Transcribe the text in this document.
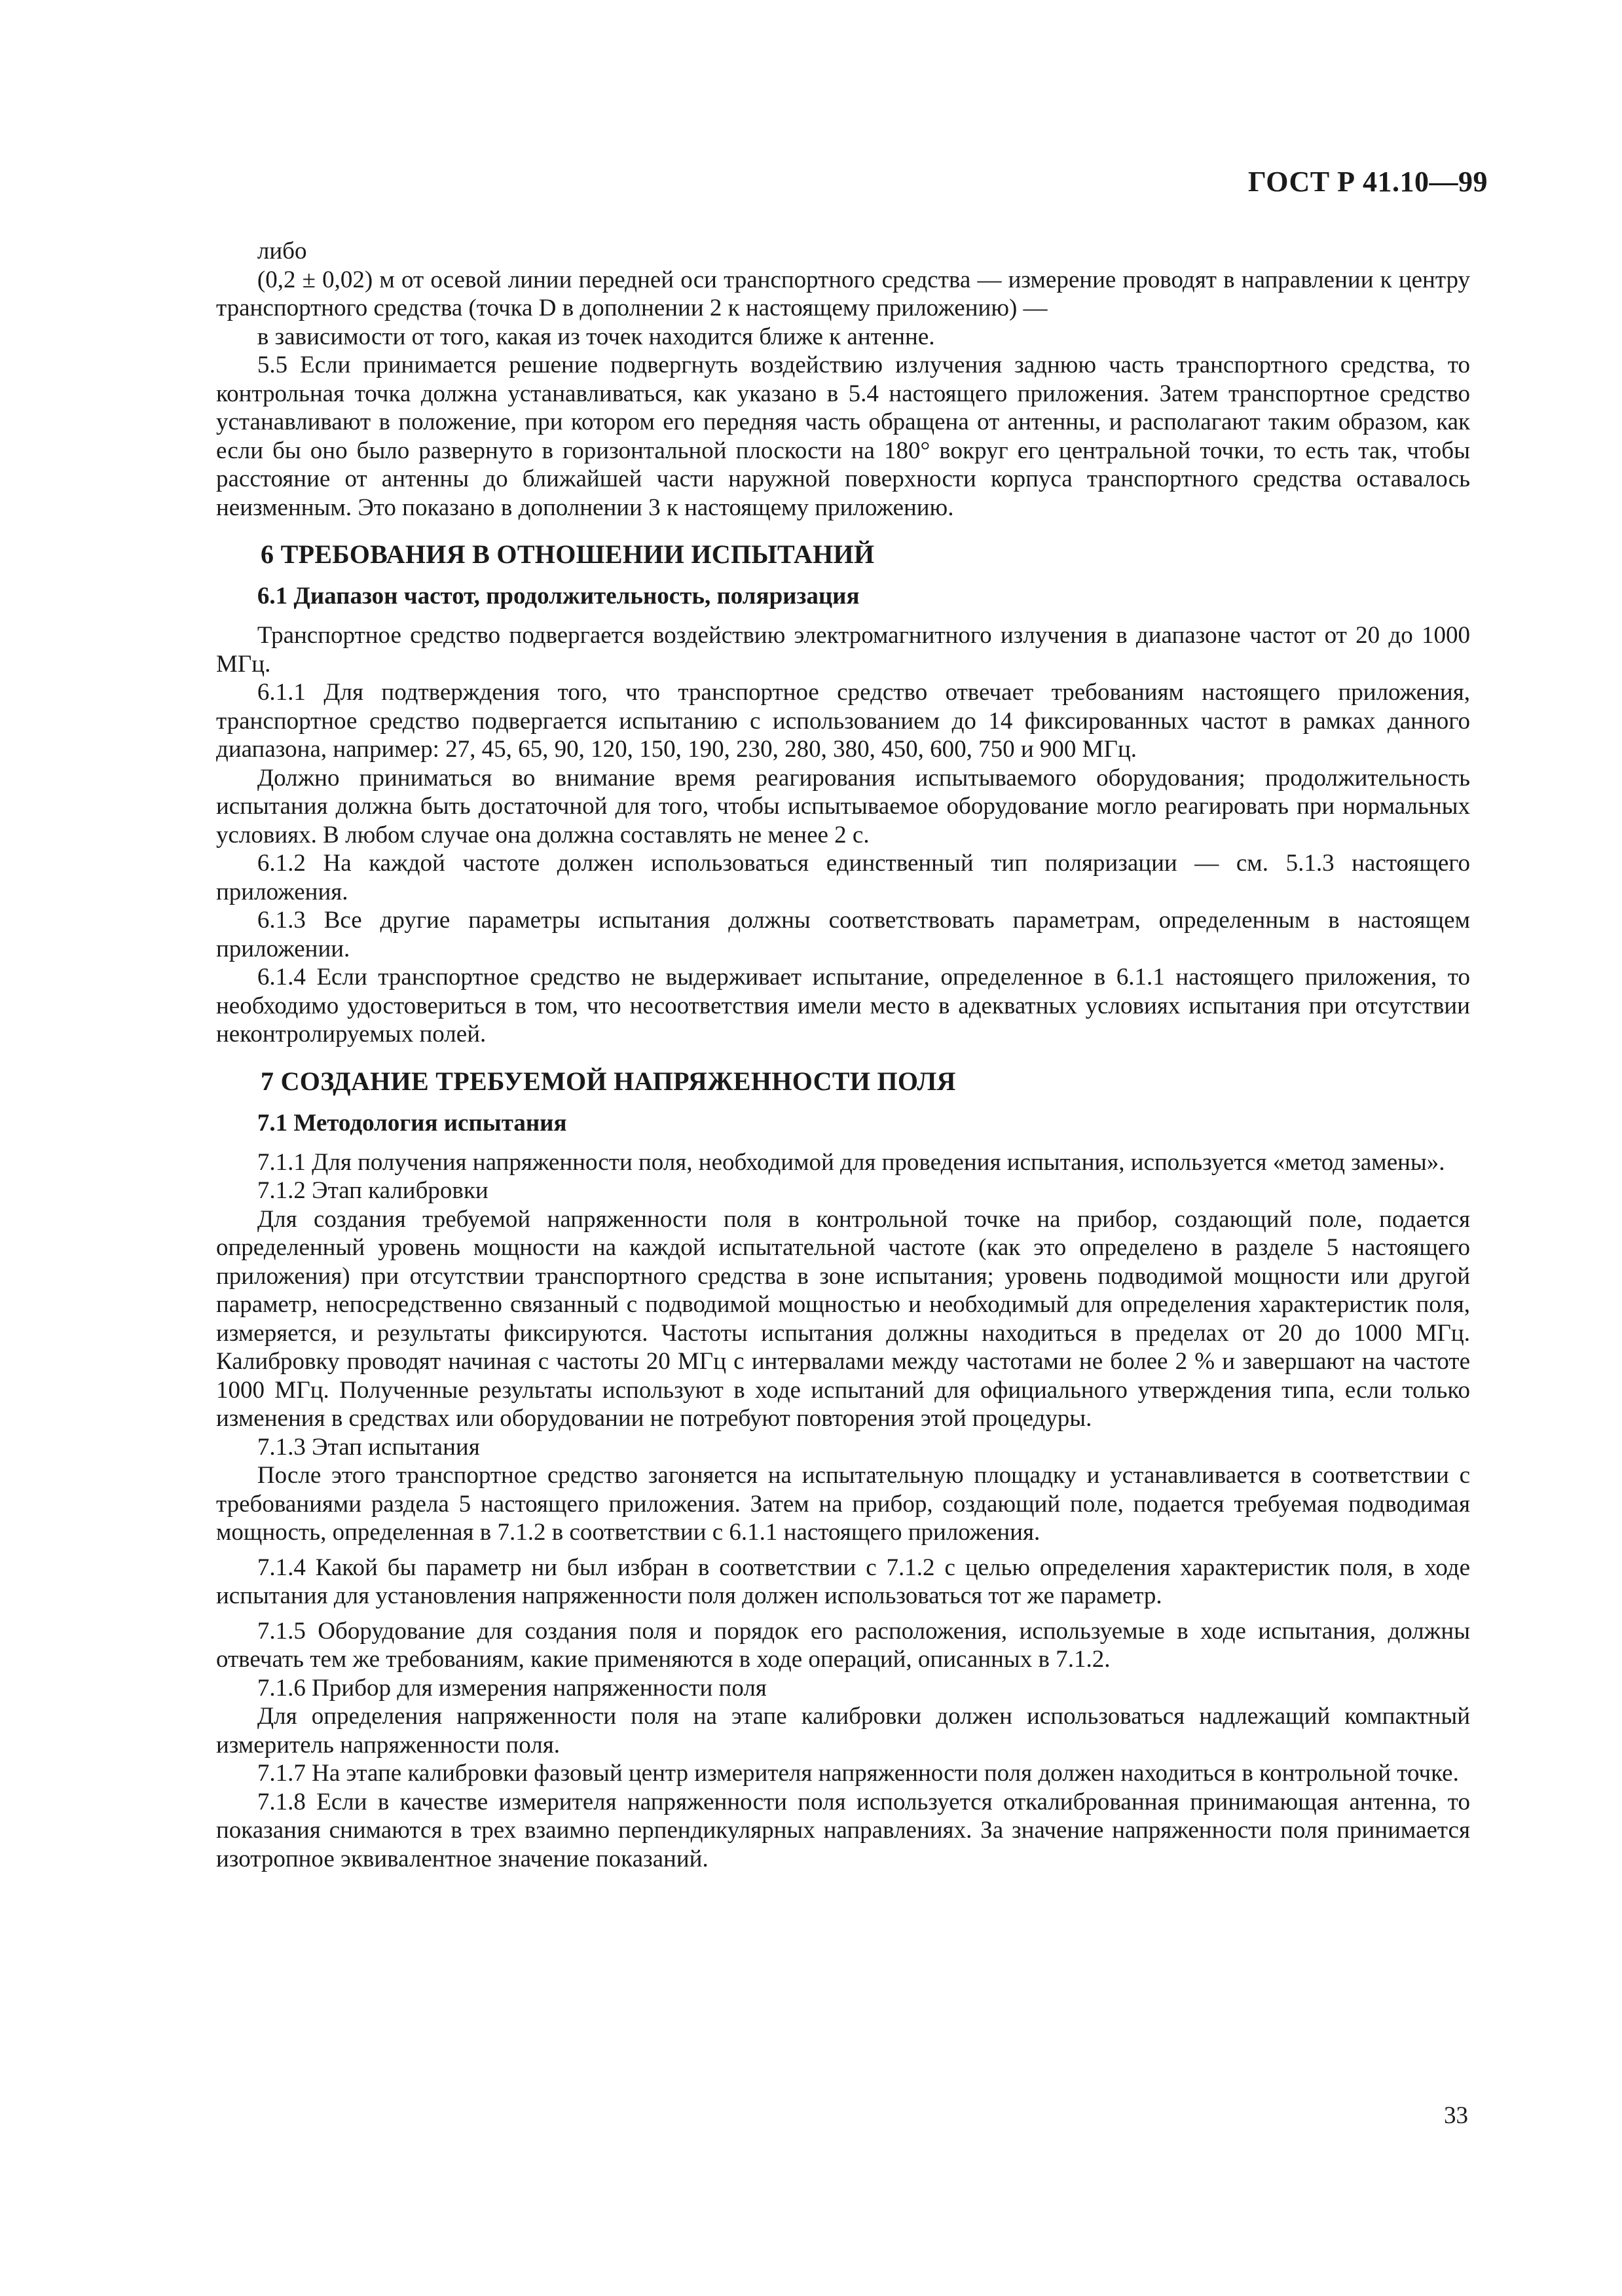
ГОСТ Р 41.10—99

либо

(0,2 ± 0,02) м от осевой линии передней оси транспортного средства — измерение проводят в направлении к центру транспортного средства (точка D в дополнении 2 к настоящему приложению) —

в зависимости от того, какая из точек находится ближе к антенне.

5.5 Если принимается решение подвергнуть воздействию излучения заднюю часть транспортного средства, то контрольная точка должна устанавливаться, как указано в 5.4 настоящего приложения. Затем транспортное средство устанавливают в положение, при котором его передняя часть обращена от антенны, и располагают таким образом, как если бы оно было развернуто в горизонтальной плоскости на 180° вокруг его центральной точки, то есть так, чтобы расстояние от антенны до ближайшей части наружной поверхности корпуса транспортного средства оставалось неизменным. Это показано в дополнении 3 к настоящему приложению.

6 ТРЕБОВАНИЯ В ОТНОШЕНИИ ИСПЫТАНИЙ
6.1 Диапазон частот, продолжительность, поляризация

Транспортное средство подвергается воздействию электромагнитного излучения в диапазоне частот от 20 до 1000 МГц.

6.1.1 Для подтверждения того, что транспортное средство отвечает требованиям настоящего приложения, транспортное средство подвергается испытанию с использованием до 14 фиксированных частот в рамках данного диапазона, например: 27, 45, 65, 90, 120, 150, 190, 230, 280, 380, 450, 600, 750 и 900 МГц.

Должно приниматься во внимание время реагирования испытываемого оборудования; продолжительность испытания должна быть достаточной для того, чтобы испытываемое оборудование могло реагировать при нормальных условиях. В любом случае она должна составлять не менее 2 с.

6.1.2 На каждой частоте должен использоваться единственный тип поляризации — см. 5.1.3 настоящего приложения.

6.1.3 Все другие параметры испытания должны соответствовать параметрам, определенным в настоящем приложении.

6.1.4 Если транспортное средство не выдерживает испытание, определенное в 6.1.1 настоящего приложения, то необходимо удостовериться в том, что несоответствия имели место в адекватных условиях испытания при отсутствии неконтролируемых полей.

7 СОЗДАНИЕ ТРЕБУЕМОЙ НАПРЯЖЕННОСТИ ПОЛЯ
7.1 Методология испытания

7.1.1 Для получения напряженности поля, необходимой для проведения испытания, используется «метод замены».

7.1.2 Этап калибровки

Для создания требуемой напряженности поля в контрольной точке на прибор, создающий поле, подается определенный уровень мощности на каждой испытательной частоте (как это определено в разделе 5 настоящего приложения) при отсутствии транспортного средства в зоне испытания; уровень подводимой мощности или другой параметр, непосредственно связанный с подводимой мощностью и необходимый для определения характеристик поля, измеряется, и результаты фиксируются. Частоты испытания должны находиться в пределах от 20 до 1000 МГц. Калибровку проводят начиная с частоты 20 МГц с интервалами между частотами не более 2 % и завершают на частоте 1000 МГц. Полученные результаты используют в ходе испытаний для официального утверждения типа, если только изменения в средствах или оборудовании не потребуют повторения этой процедуры.

7.1.3 Этап испытания

После этого транспортное средство загоняется на испытательную площадку и устанавливается в соответствии с требованиями раздела 5 настоящего приложения. Затем на прибор, создающий поле, подается требуемая подводимая мощность, определенная в 7.1.2 в соответствии с 6.1.1 настоящего приложения.

7.1.4 Какой бы параметр ни был избран в соответствии с 7.1.2 с целью определения характеристик поля, в ходе испытания для установления напряженности поля должен использоваться тот же параметр.

7.1.5 Оборудование для создания поля и порядок его расположения, используемые в ходе испытания, должны отвечать тем же требованиям, какие применяются в ходе операций, описанных в 7.1.2.

7.1.6 Прибор для измерения напряженности поля

Для определения напряженности поля на этапе калибровки должен использоваться надлежащий компактный измеритель напряженности поля.

7.1.7 На этапе калибровки фазовый центр измерителя напряженности поля должен находиться в контрольной точке.

7.1.8 Если в качестве измерителя напряженности поля используется откалиброванная принимающая антенна, то показания снимаются в трех взаимно перпендикулярных направлениях. За значение напряженности поля принимается изотропное эквивалентное значение показаний.

33
